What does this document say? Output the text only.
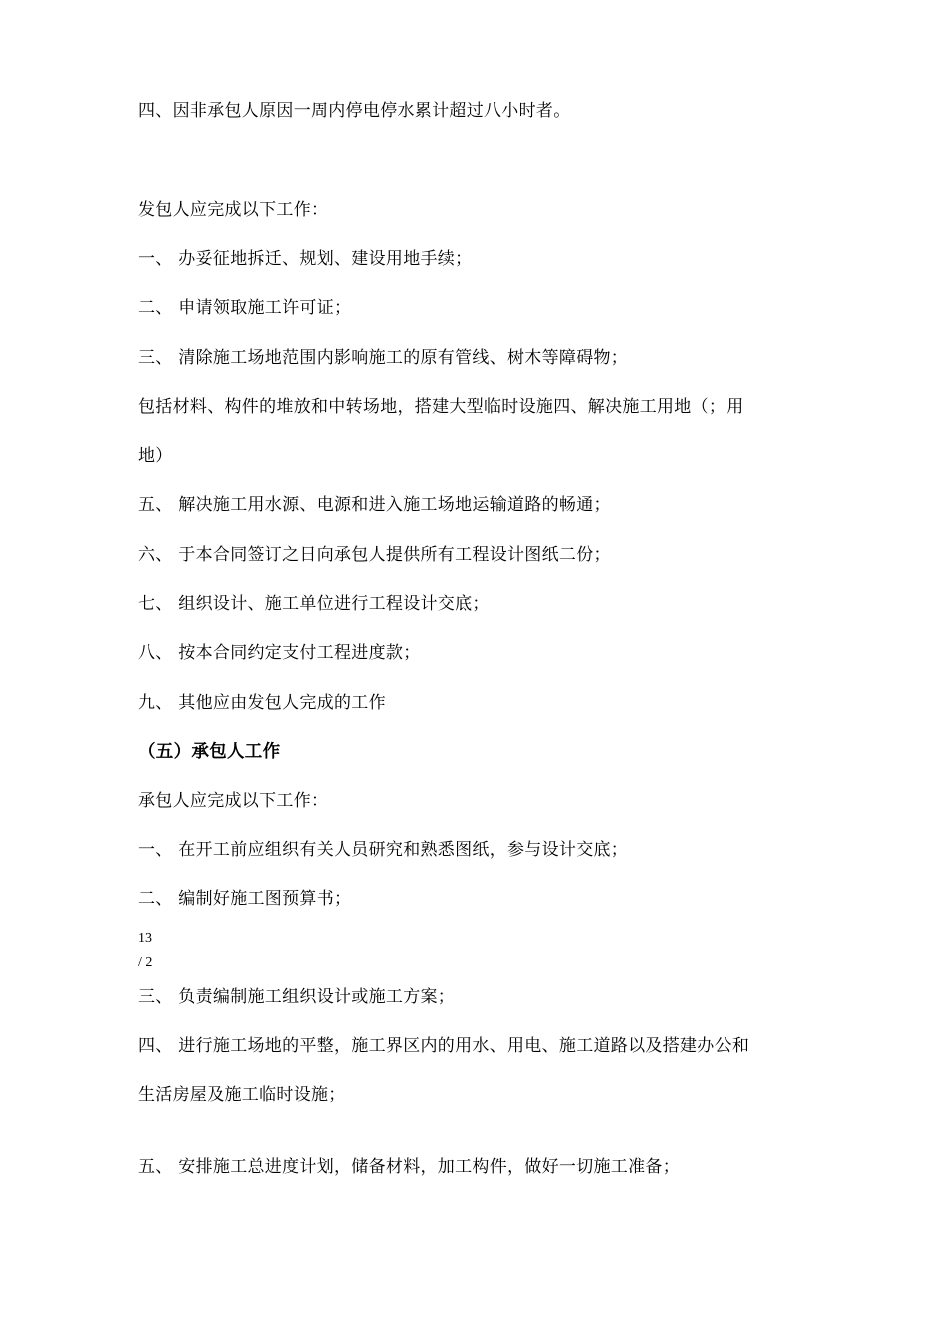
四、因非承包人原因一周内停电停水累计超过八小时者。
发包人应完成以下工作：
一、 办妥征地拆迁、规划、建设用地手续；
二、 申请领取施工许可证；
三、 清除施工场地范围内影响施工的原有管线、树木等障碍物；
包括材料、构件的堆放和中转场地，搭建大型临时设施四、解决施工用地（；用
地）
五、 解决施工用水源、电源和进入施工场地运输道路的畅通；
六、 于本合同签订之日向承包人提供所有工程设计图纸二份；
七、 组织设计、施工单位进行工程设计交底；
八、 按本合同约定支付工程进度款；
九、 其他应由发包人完成的工作
（五）承包人工作
承包人应完成以下工作：
一、 在开工前应组织有关人员研究和熟悉图纸，参与设计交底；
二、 编制好施工图预算书；
13
/ 2
三、 负责编制施工组织设计或施工方案；
四、 进行施工场地的平整，施工界区内的用水、用电、施工道路以及搭建办公和
生活房屋及施工临时设施；
五、 安排施工总进度计划，储备材料，加工构件，做好一切施工准备；
